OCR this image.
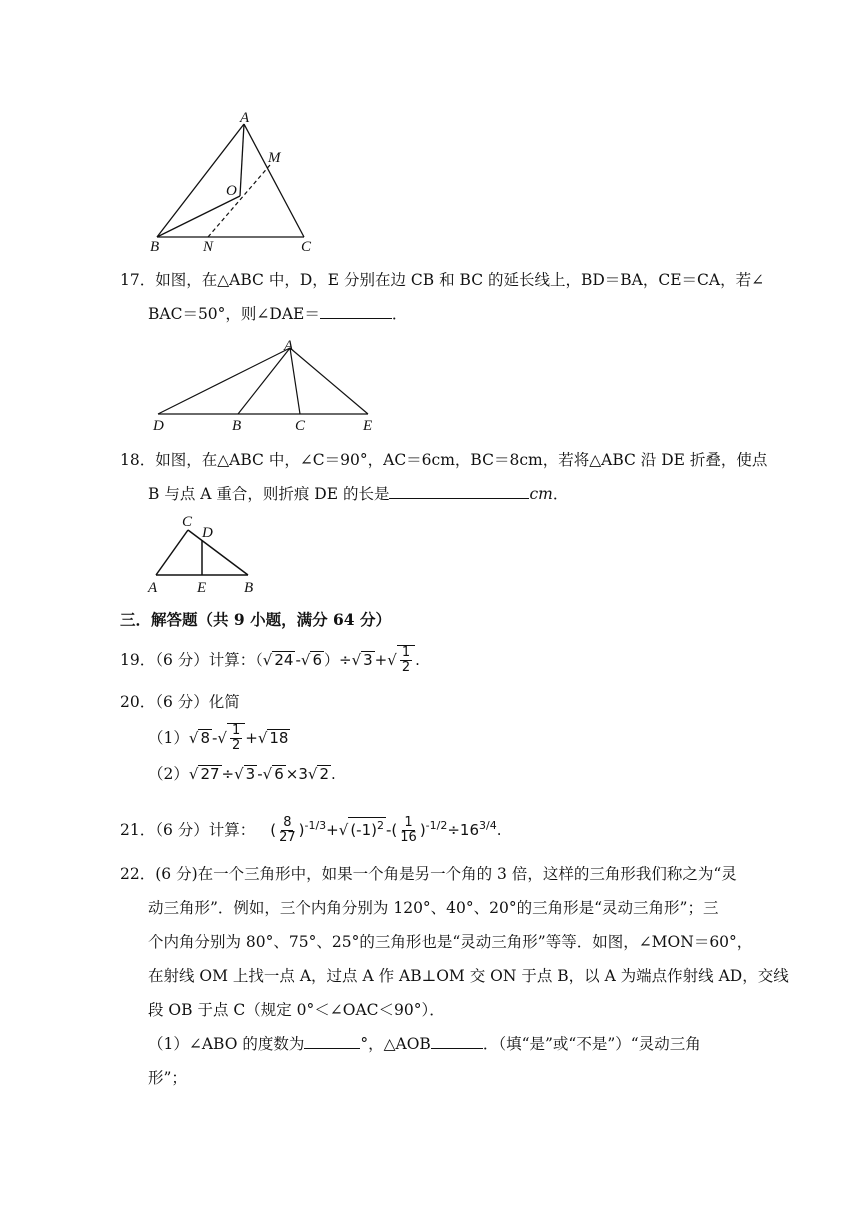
A
M
O
B	N	C
17．如图，在△ABC 中，D，E 分别在边 CB 和 BC 的延长线上，BD＝BA，CE＝CA，若∠
BAC＝50°，则∠DAE＝	．
A
D	B	C	E
18．如图，在△ABC 中，∠C＝90°，AC＝6cm，BC＝8cm，若将△ABC 沿 DE 折叠，使点
B 与点 A 重合，则折痕 DE 的长是	cm．
C
D
A	E	B
三．解答题（共 9 小题，满分 64 分）
19．（6 分）计算：（√ 24 -√ 6 ）÷√ 3 +√ $\frac{1}{2}$ .
20．（6 分）化简
（1）√ 8 -√ $\frac{1}{2}$ +√ 18
（2）√ 27 ÷√ 3 -√ 6 ×3√ 2 .
21．（6 分）计算： ( $\frac{8}{27} )^{-1/3}+√$ $(-1)^2$ -( $\frac{1}{16} )^{-1/2}\div 16^{3/4}$.
22．(6 分)在一个三角形中，如果一个角是另一个角的 3 倍，这样的三角形我们称之为“灵
动三角形”．例如，三个内角分别为 120°、40°、20°的三角形是“灵动三角形”；三
个内角分别为 80°、75°、25°的三角形也是“灵动三角形”等等．如图，∠MON＝60°，
在射线 OM 上找一点 A，过点 A 作 AB⊥OM 交 ON 于点 B，以 A 为端点作射线 AD，交线
段 OB 于点 C（规定 0°＜∠OAC＜90°）．
（1）∠ABO 的度数为	°，△AOB	．（填“是”或“不是”）“灵动三角
形”；
